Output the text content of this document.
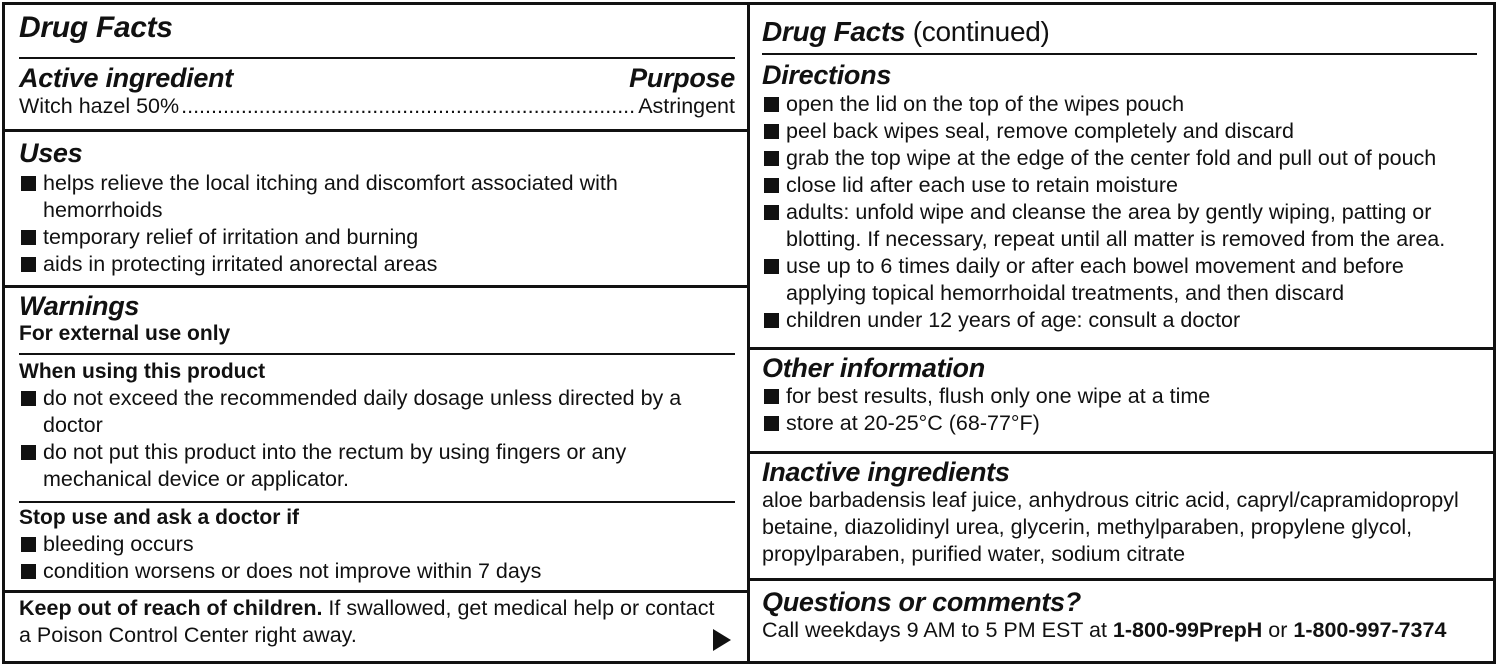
Drug Facts
Active ingredient	Purpose
Witch hazel 50%
.....	Astringent
Uses
helps relieve the local itching and discomfort associated with hemorrhoids
temporary relief of irritation and burning
aids in protecting irritated anorectal areas
Warnings
For external use only
When using this product
do not exceed the recommended daily dosage unless directed by a doctor
do not put this product into the rectum by using fingers or any mechanical device or applicator.
Stop use and ask a doctor if
bleeding occurs
condition worsens or does not improve within 7 days
Keep out of reach of children. If swallowed, get medical help or contact a Poison Control Center right away.
Drug Facts (continued)
Directions
open the lid on the top of the wipes pouch
peel back wipes seal, remove completely and discard
grab the top wipe at the edge of the center fold and pull out of pouch
close lid after each use to retain moisture
adults: unfold wipe and cleanse the area by gently wiping, patting or blotting. If necessary, repeat until all matter is removed from the area.
use up to 6 times daily or after each bowel movement and before applying topical hemorrhoidal treatments, and then discard
children under 12 years of age: consult a doctor
Other information
for best results, flush only one wipe at a time
store at 20-25°C (68-77°F)
Inactive ingredients
aloe barbadensis leaf juice, anhydrous citric acid, capryl/capramidopropyl betaine, diazolidinyl urea, glycerin, methylparaben, propylene glycol, propylparaben, purified water, sodium citrate
Questions or comments?
Call weekdays 9 AM to 5 PM EST at 1-800-99PrepH or 1-800-997-7374
